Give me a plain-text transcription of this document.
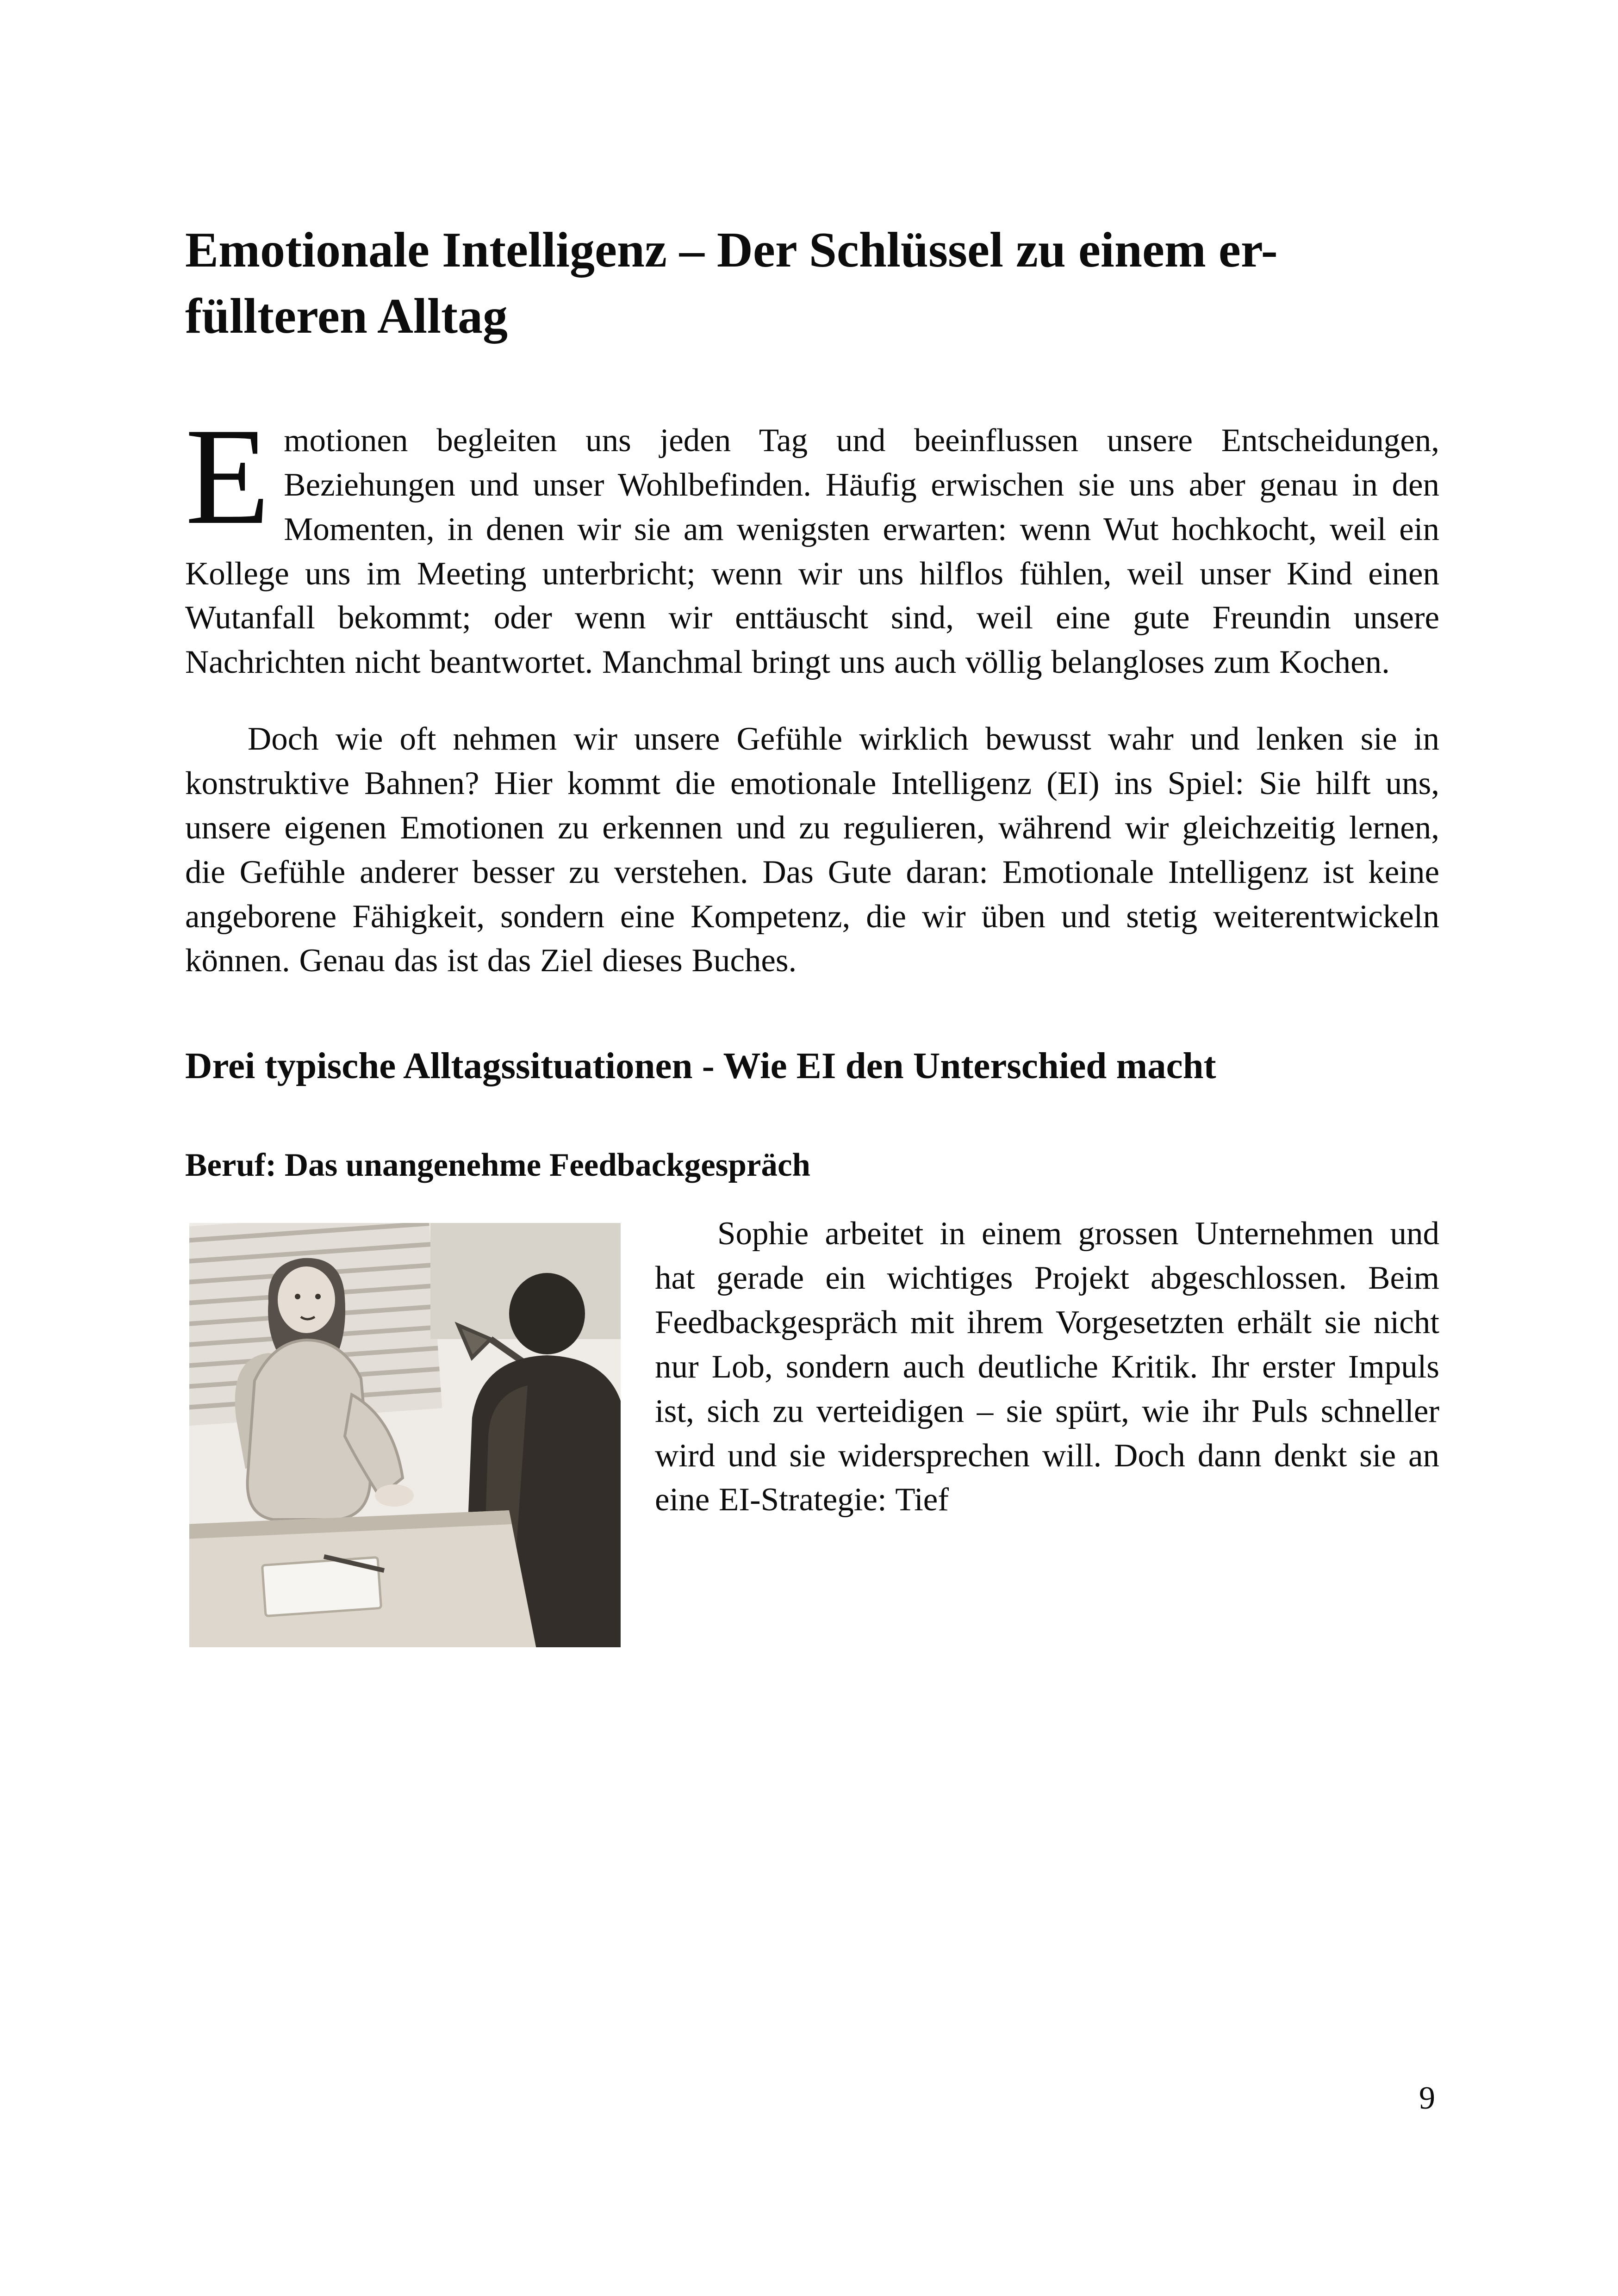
Emotionale Intelligenz – Der Schlüssel zu einem er-
füllteren Alltag

Emotionen begleiten uns jeden Tag und beeinflussen unsere Entscheidungen, Beziehungen und unser Wohlbefinden. Häufig erwischen sie uns aber genau in den Momenten, in denen wir sie am wenigsten erwarten: wenn Wut hochkocht, weil ein Kollege uns im Meeting unterbricht; wenn wir uns hilflos fühlen, weil unser Kind einen Wutanfall bekommt; oder wenn wir enttäuscht sind, weil eine gute Freundin unsere Nachrichten nicht beantwortet. Manchmal bringt uns auch völlig belangloses zum Kochen.

Doch wie oft nehmen wir unsere Gefühle wirklich bewusst wahr und lenken sie in konstruktive Bahnen? Hier kommt die emotionale Intelligenz (EI) ins Spiel: Sie hilft uns, unsere eigenen Emotionen zu erkennen und zu regulieren, während wir gleichzeitig lernen, die Gefühle anderer besser zu verstehen. Das Gute daran: Emotionale Intelligenz ist keine angeborene Fähigkeit, sondern eine Kompetenz, die wir üben und stetig weiterentwickeln können. Genau das ist das Ziel dieses Buches.

Drei typische Alltagssituationen - Wie EI den Unterschied macht
Beruf: Das unangenehme Feedbackgespräch

Sophie arbeitet in einem grossen Unternehmen und hat gerade ein wichtiges Projekt abgeschlossen. Beim Feedbackgespräch mit ihrem Vorgesetzten erhält sie nicht nur Lob, sondern auch deutliche Kritik. Ihr erster Impuls ist, sich zu verteidigen – sie spürt, wie ihr Puls schneller wird und sie widersprechen will. Doch dann denkt sie an eine EI-Strategie: Tief

9
